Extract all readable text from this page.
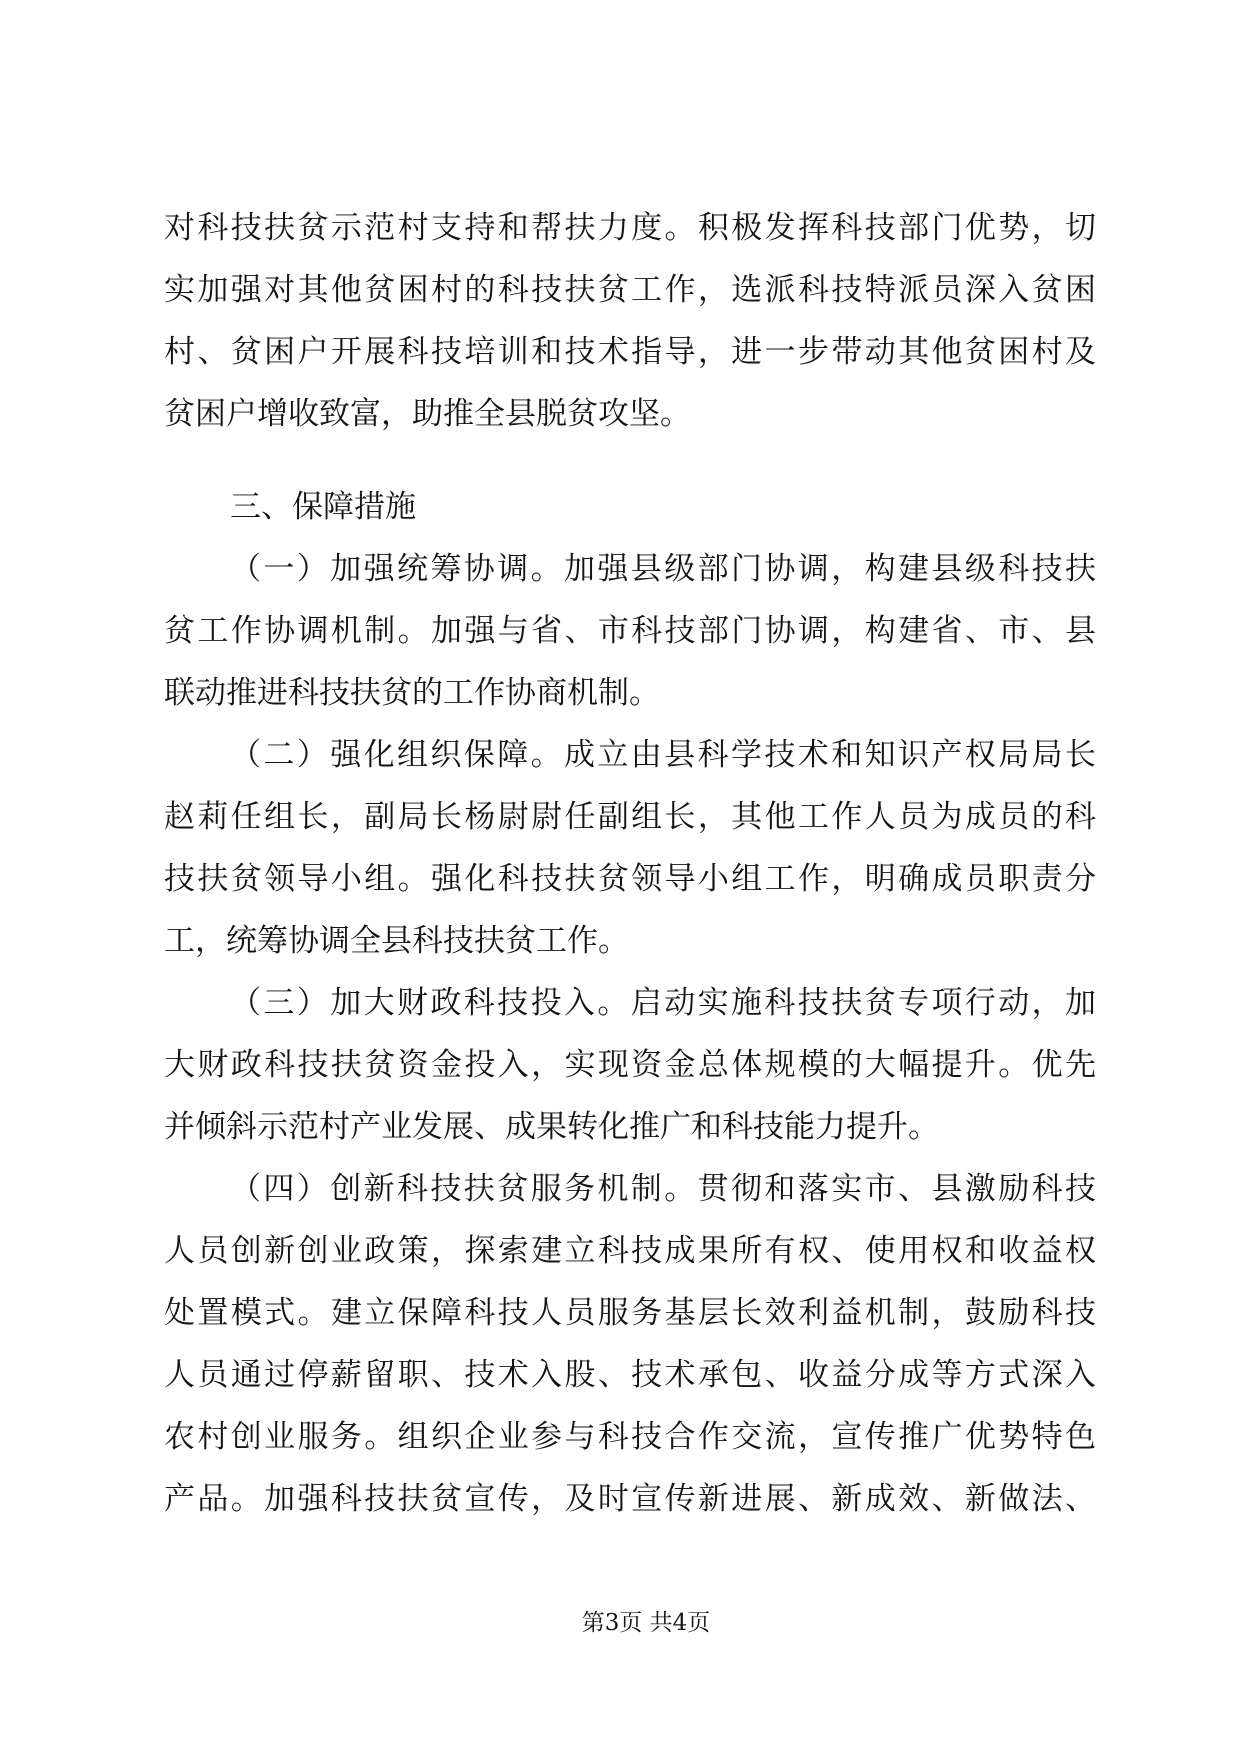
对科技扶贫示范村支持和帮扶力度。积极发挥科技部门优势，切
实加强对其他贫困村的科技扶贫工作，选派科技特派员深入贫困
村、贫困户开展科技培训和技术指导，进一步带动其他贫困村及
贫困户增收致富，助推全县脱贫攻坚。
三、保障措施
（一）加强统筹协调。加强县级部门协调，构建县级科技扶
贫工作协调机制。加强与省、市科技部门协调，构建省、市、县
联动推进科技扶贫的工作协商机制。
（二）强化组织保障。成立由县科学技术和知识产权局局长
赵莉任组长，副局长杨尉尉任副组长，其他工作人员为成员的科
技扶贫领导小组。强化科技扶贫领导小组工作，明确成员职责分
工，统筹协调全县科技扶贫工作。
（三）加大财政科技投入。启动实施科技扶贫专项行动，加
大财政科技扶贫资金投入，实现资金总体规模的大幅提升。优先
并倾斜示范村产业发展、成果转化推广和科技能力提升。
（四）创新科技扶贫服务机制。贯彻和落实市、县激励科技
人员创新创业政策，探索建立科技成果所有权、使用权和收益权
处置模式。建立保障科技人员服务基层长效利益机制，鼓励科技
人员通过停薪留职、技术入股、技术承包、收益分成等方式深入
农村创业服务。组织企业参与科技合作交流，宣传推广优势特色
产品。加强科技扶贫宣传，及时宣传新进展、新成效、新做法、
第3页 共4页
